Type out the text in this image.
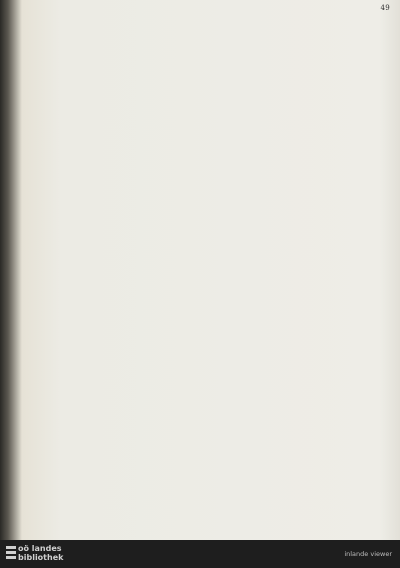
49
oö landes bibliothek	inlande viewer
